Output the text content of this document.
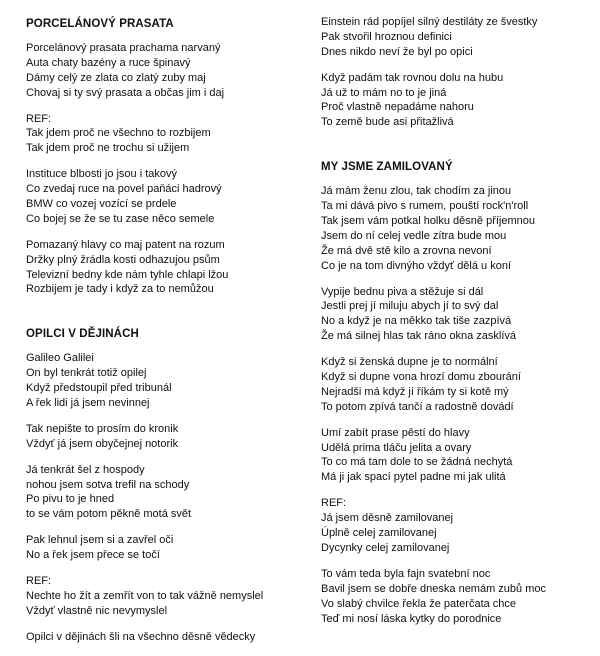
PORCELÁNOVÝ PRASATA
Porcelánový prasata prachama narvaný
Auta chaty bazény a ruce špinavý
Dámy celý ze zlata co zlatý zuby maj
Chovaj si ty svý prasata a občas jim i daj
REF:
Tak jdem proč ne všechno to rozbijem
Tak jdem proč ne trochu si užijem
Instituce blbosti jo jsou i takový
Co zvedaj ruce na povel paňáci hadrový
BMW co vozej vozící se prdele
Co bojej se že se tu zase něco semele
Pomazaný hlavy co maj patent na rozum
Držky plný žrádla kosti odhazujou psům
Televizní bedny kde nám tyhle chlapi lžou
Rozbijem je tady i když za to nemůžou
OPILCI V DĚJINÁCH
Galileo Galilei
On byl tenkrát totiž opilej
Když předstoupil před tribunál
A řek lidi já jsem nevinnej
Tak nepište to prosím do kronik
Vždyť já jsem obyčejnej notorik
Já tenkrát šel z hospody
nohou jsem sotva trefil na schody
Po pivu to je hned
to se vám potom pěkně motá svět
Pak lehnul jsem si a zavřel oči
No a řek jsem přece se točí
REF:
Nechte ho žít a zemřít von to tak vážně nemyslel
Vždyť vlastně nic nevymyslel
Opilci v dějinách šli na všechno děsně vědecky
Einstein rád popíjel silný destiláty ze švestky
Pak stvořil hroznou definici
Dnes nikdo neví že byl po opici
Když padám tak rovnou dolu na hubu
Já už to mám no to je jiná
Proč vlastně nepadáme nahoru
To země bude asi přitažlivá
MY JSME ZAMILOVANÝ
Já mám ženu zlou, tak chodím za jinou
Ta mi dává pivo s rumem, pouští rock'n'roll
Tak jsem vám potkal holku děsně příjemnou
Jsem do ní celej vedle zítra bude mou
Že má dvě stě kilo a zrovna nevoní
Co je na tom divnýho vždyť dělá u koní
Vypije bednu piva a stěžuje si dál
Jestli prej jí miluju abych jí to svý dal
No a když je na měkko tak tiše zazpívá
Že má silnej hlas tak ráno okna zasklívá
Když si ženská dupne je to normální
Když si dupne vona hrozí domu zbourání
Nejradši má když jí říkám ty si kotě mý
To potom zpívá tančí a radostně dovádí
Umí zabít prase pěstí do hlavy
Udělá prima tláču jelita a ovary
To co má tam dole to se žádná nechytá
Má ji jak spací pytel padne mi jak ulitá
REF:
Já jsem děsně zamilovanej
Úplně celej zamilovanej
Dycynky celej zamilovanej
To vám teda byla fajn svatební noc
Bavil jsem se dobře dneska nemám zubů moc
Vo slabý chvilce řekla že paterčata chce
Teď mi nosí láska kytky do porodnice
